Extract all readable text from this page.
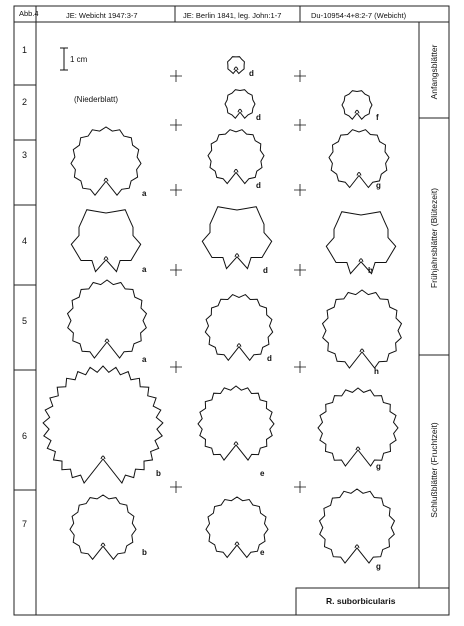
Abb.4	JE: Webicht 1947:3-7	JE: Berlin 1841, leg. John:1-7	Du-10954-4+8:2-7 (Webicht)
1 cm
(Niederblatt)
1
2
3
4
5
6
7
a
a
a
b
b
d
d
d
d
d
e
e
f
g
h
h
g
g
Anfangsblätter
Frühjahrsblätter (Blütezeit)
Schlußblätter (Fruchtzeit)
R. suborbicularis
